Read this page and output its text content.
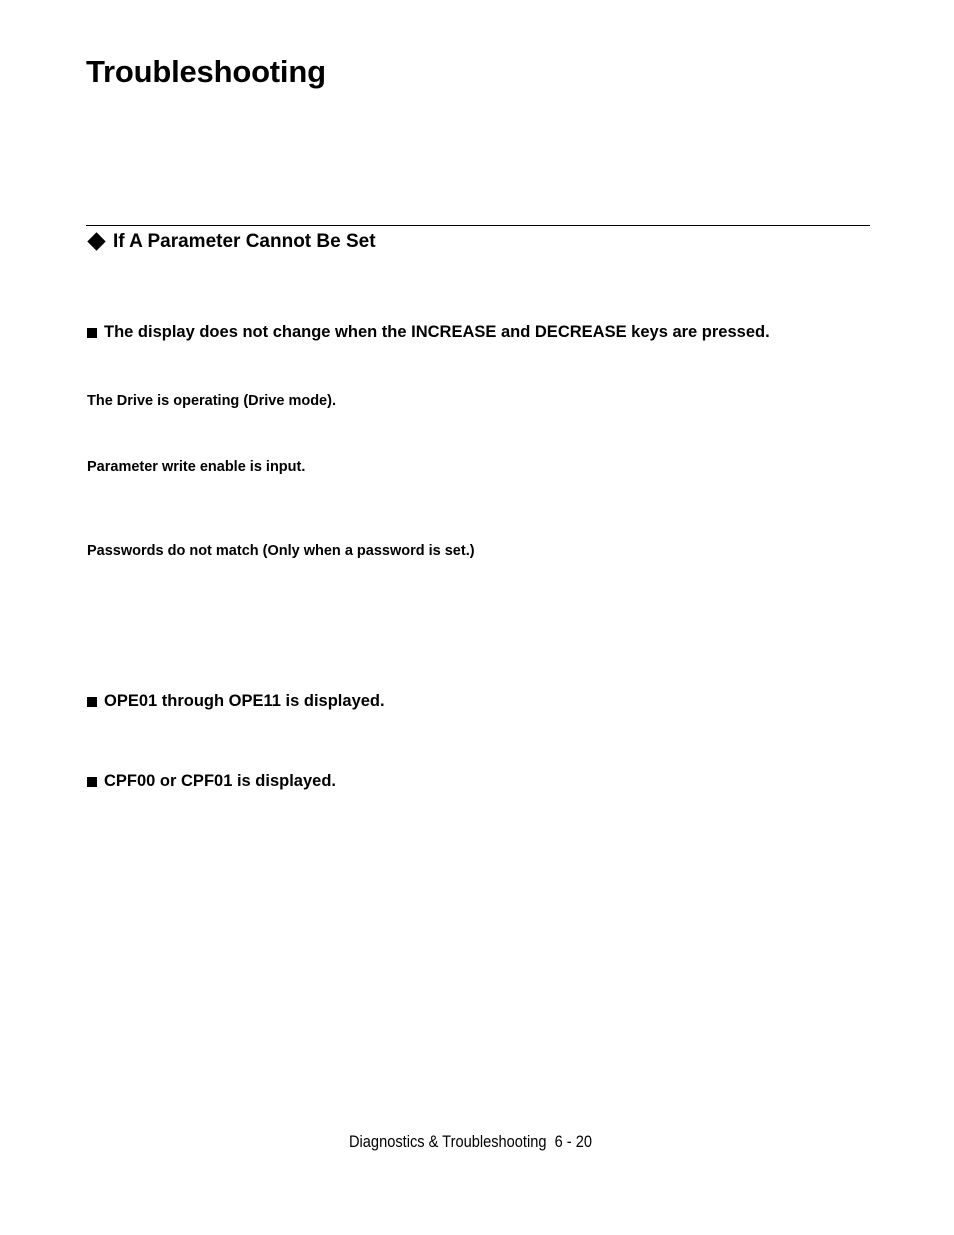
Troubleshooting
If A Parameter Cannot Be Set
The display does not change when the INCREASE and DECREASE keys are pressed.
The Drive is operating (Drive mode).
Parameter write enable is input.
Passwords do not match (Only when a password is set.)
OPE01 through OPE11 is displayed.
CPF00 or CPF01 is displayed.
Diagnostics & Troubleshooting  6 - 20
